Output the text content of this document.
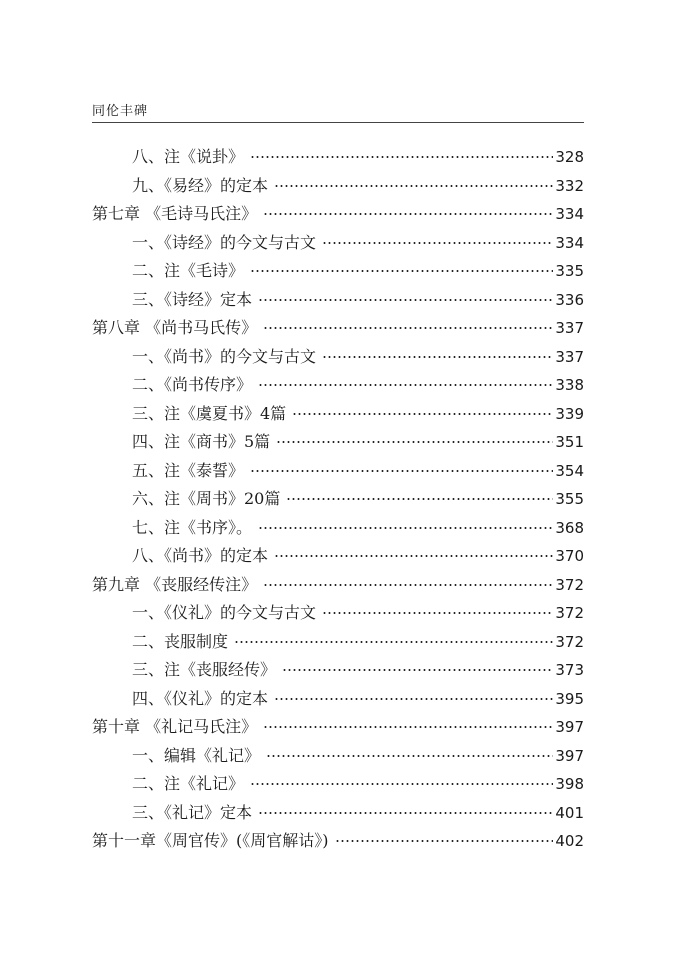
同伦丰碑
八、注《说卦》	328
九、《易经》的定本	332
第七章 《毛诗马氏注》	334
一、《诗经》的今文与古文	334
二、注《毛诗》	335
三、《诗经》定本	336
第八章 《尚书马氏传》	337
一、《尚书》的今文与古文	337
二、《尚书传序》	338
三、注《虞夏书》4篇	339
四、注《商书》5篇	351
五、注《泰誓》	354
六、注《周书》20篇	355
七、注《书序》。	368
八、《尚书》的定本	370
第九章 《丧服经传注》	372
一、《仪礼》的今文与古文	372
二、丧服制度	372
三、注《丧服经传》	373
四、《仪礼》的定本	395
第十章 《礼记马氏注》	397
一、编辑《礼记》	397
二、注《礼记》	398
三、《礼记》定本	401
第十一章《周官传》(《周官解诂》)	402
